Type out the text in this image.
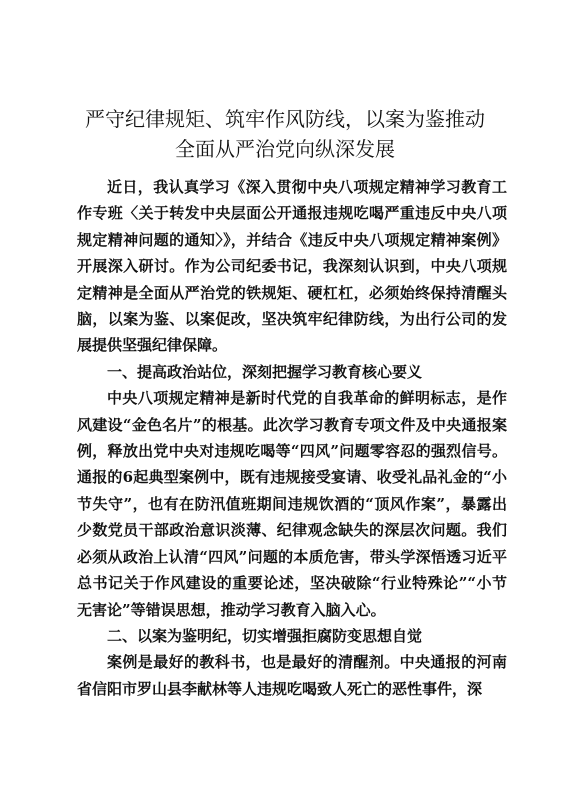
严守纪律规矩、筑牢作风防线，以案为鉴推动
全面从严治党向纵深发展

近日，我认真学习《深入贯彻中央八项规定精神学习教育工作专班〈关于转发中央层面公开通报违规吃喝严重违反中央八项规定精神问题的通知〉》，并结合《违反中央八项规定精神案例》开展深入研讨。作为公司纪委书记，我深刻认识到，中央八项规定精神是全面从严治党的铁规矩、硬杠杠，必须始终保持清醒头脑，以案为鉴、以案促改，坚决筑牢纪律防线，为出行公司的发展提供坚强纪律保障。

一、提高政治站位，深刻把握学习教育核心要义

中央八项规定精神是新时代党的自我革命的鲜明标志，是作风建设“金色名片”的根基。此次学习教育专项文件及中央通报案例，释放出党中央对违规吃喝等“四风”问题零容忍的强烈信号。通报的6起典型案例中，既有违规接受宴请、收受礼品礼金的“小节失守”，也有在防汛值班期间违规饮酒的“顶风作案”，暴露出少数党员干部政治意识淡薄、纪律观念缺失的深层次问题。我们必须从政治上认清“四风”问题的本质危害，带头学深悟透习近平总书记关于作风建设的重要论述，坚决破除“行业特殊论”“小节无害论”等错误思想，推动学习教育入脑入心。

二、以案为鉴明纪，切实增强拒腐防变思想自觉

案例是最好的教科书，也是最好的清醒剂。中央通报的河南省信阳市罗山县李献林等人违规吃喝致人死亡的恶性事件，深
